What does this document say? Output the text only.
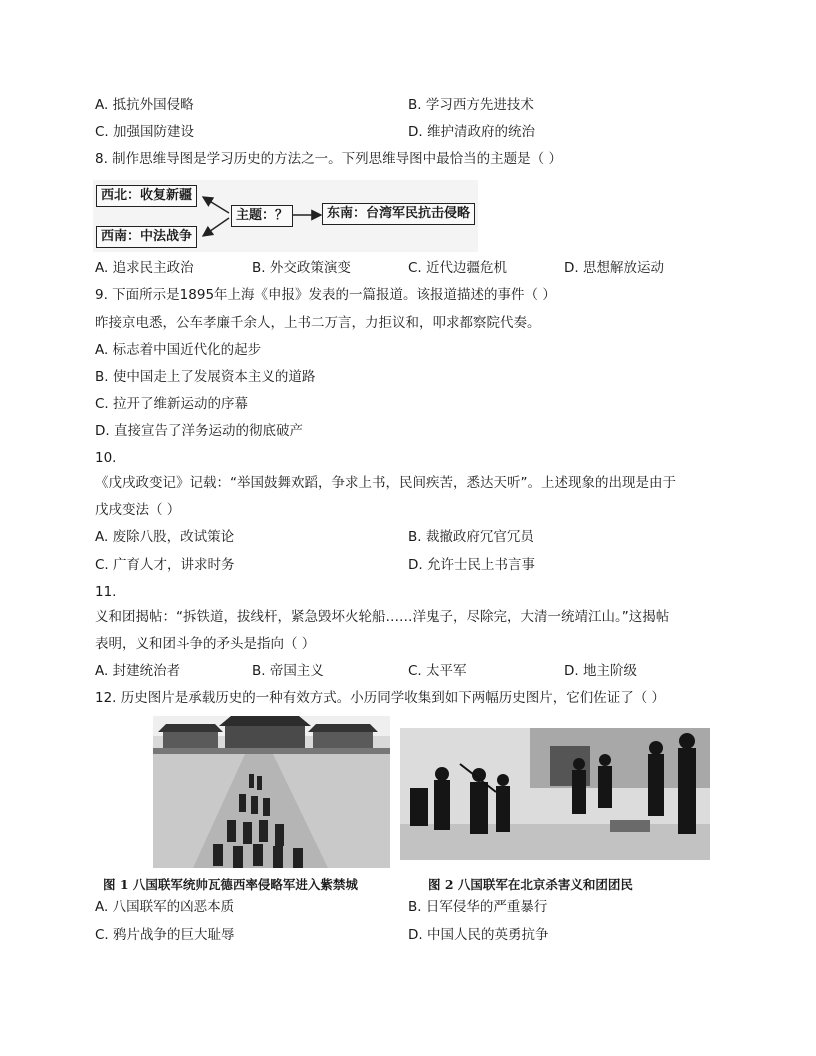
A. 抵抗外国侵略	B. 学习西方先进技术
C. 加强国防建设	D. 维护清政府的统治
8. 制作思维导图是学习历史的方法之一。下列思维导图中最恰当的主题是（ ）
西北：收复新疆
西南：中法战争
主题：？	东南：台湾军民抗击侵略
A. 追求民主政治	B. 外交政策演变	C. 近代边疆危机	D. 思想解放运动
9. 下面所示是1895年上海《申报》发表的一篇报道。该报道描述的事件（ ）
昨接京电悉，公车孝廉千余人，上书二万言，力拒议和，叩求都察院代奏。
A. 标志着中国近代化的起步
B. 使中国走上了发展资本主义的道路
C. 拉开了维新运动的序幕
D. 直接宣告了洋务运动的彻底破产
10.
《戊戌政变记》记载：“举国鼓舞欢蹈，争求上书，民间疾苦，悉达天听”。上述现象的出现是由于
戊戌变法（ ）
A. 废除八股，改试策论	B. 裁撤政府冗官冗员
C. 广育人才，讲求时务	D. 允许士民上书言事
11.
义和团揭帖：“拆铁道，拔线杆，紧急毁坏火轮船……洋鬼子，尽除完，大清一统靖江山。”这揭帖
表明，义和团斗争的矛头是指向（ ）
A. 封建统治者	B. 帝国主义	C. 太平军	D. 地主阶级
12. 历史图片是承载历史的一种有效方式。小历同学收集到如下两幅历史图片，它们佐证了（ ）
图 1 八国联军统帅瓦德西率侵略军进入紫禁城	图 2 八国联军在北京杀害义和团团民
A. 八国联军的凶恶本质	B. 日军侵华的严重暴行
C. 鸦片战争的巨大耻辱	D. 中国人民的英勇抗争
